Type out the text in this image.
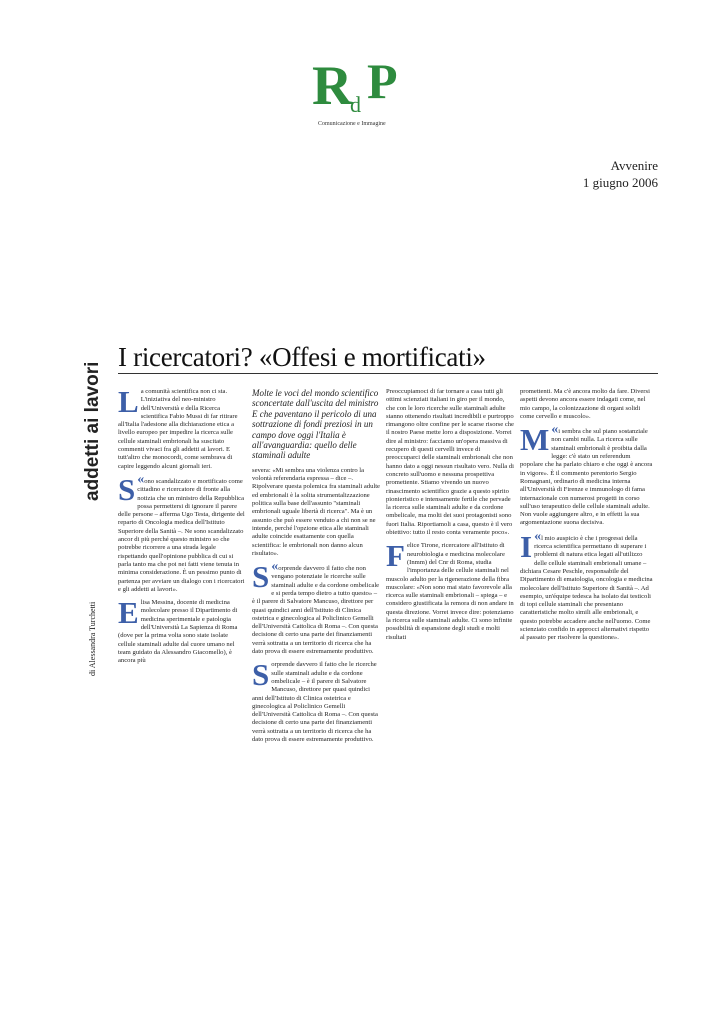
R
d P
Comunicazione e Immagine
Avvenire
1 giugno 2006
addetti ai lavori
di Alessandra Turchetti
I ricercatori? «Offesi e mortificati»

La comunità scientifica non ci sta. L'iniziativa del neo-ministro dell'Università e della Ricerca scientifica Fabio Mussi di far ritirare all'Italia l'adesione alla dichiarazione etica a livello europeo per impedire la ricerca sulle cellule staminali embrionali ha suscitato commenti vivaci fra gli addetti ai lavori. E tutt'altro che monocordi, come sembrava di capire leggendo alcuni giornali ieri.

«
S ono scandalizzato e mortificato come cittadino e ricercatore di fronte alla notizia che un ministro della Repubblica possa permettersi di ignorare il parere delle persone – afferma Ugo Testa, dirigente del reparto di Oncologia medica dell'Istituto Superiore della Sanità –. Ne sono scandalizzato ancor di più perché questo ministro so che potrebbe ricorrere a una strada legale rispettando quell'opinione pubblica di cui si parla tanto ma che poi nei fatti viene tenuta in minima considerazione. È un pessimo punto di partenza per avviare un dialogo con i ricercatori e gli addetti ai lavori».

Elisa Messina, docente di medicina molecolare presso il Dipartimento di medicina sperimentale e patologia dell'Università La Sapienza di Roma (dove per la prima volta sono state isolate cellule staminali adulte dal cuore umano nel team guidato da Alessandro Giacomello), è ancora più

Molte le voci del mondo scientifico sconcertate dall'uscita del ministro E che paventano il pericolo di una sottrazione di fondi preziosi in un campo dove oggi l'Italia è all'avanguardia: quello delle staminali adulte

severa: «Mi sembra una violenza contro la volontà referendaria espressa – dice –. Ripolverare questa polemica fra staminali adulte ed embrionali è la solita strumentalizzazione politica sulla base dell'assunto "staminali embrionali uguale libertà di ricerca". Ma è un assunto che può essere venduto a chi non se ne intende, perché l'opzione etica alle staminali adulte coincide esattamente con quella scientifica: le embrionali non danno alcun risultato».

«
S orprende davvero il fatto che non vengano potenziate le ricerche sulle staminali adulte e da cordone ombelicale e si perda tempo dietro a tutto questo» – è il parere di Salvatore Mancuso, direttore per quasi quindici anni dell'Istituto di Clinica ostetrica e ginecologica al Policlinico Gemelli dell'Università Cattolica di Roma –. Con questa decisione di certo una parte dei finanziamenti verrà sottratta a un territorio di ricerca che ha dato prova di essere estremamente produttivo.

Sorprende davvero il fatto che le ricerche sulle staminali adulte e da cordone ombelicale – è il parere di Salvatore Mancuso, direttore per quasi quindici anni dell'Istituto di Clinica ostetrica e ginecologica al Policlinico Gemelli dell'Università Cattolica di Roma –. Con questa decisione di certo una parte dei finanziamenti verrà sottratta a un territorio di ricerca che ha dato prova di essere estremamente produttivo.

Preoccupiamoci di far tornare a casa tutti gli ottimi scienziati italiani in giro per il mondo, che con le loro ricerche sulle staminali adulte stanno ottenendo risultati incredibili e purtroppo rimangono oltre confine per le scarse risorse che il nostro Paese mette loro a disposizione. Vorrei dire al ministro: facciamo un'opera massiva di recupero di questi cervelli invece di preoccuparci delle staminali embrionali che non hanno dato a oggi nessun risultato vero. Nulla di concreto sull'uomo e nessuna prospettiva promettente. Stiamo vivendo un nuovo rinascimento scientifico grazie a questo spirito pionieristico e intensamente fertile che pervade la ricerca sulle staminali adulte e da cordone ombelicale, ma molti dei suoi protagonisti sono fuori Italia. Riportiamoli a casa, questo è il vero obiettivo: tutto il resto conta veramente poco».

Felice Tirone, ricercatore all'Istituto di neurobiologia e medicina molecolare (Inmm) del Cnr di Roma, studia l'importanza delle cellule staminali nel muscolo adulto per la rigenerazione della fibra muscolare: «Non sono mai stato favorevole alla ricerca sulle staminali embrionali – spiega – e considero giustificata la remora di non andare in questa direzione. Vorrei invece dire: potenziamo la ricerca sulle staminali adulte. Ci sono infinite possibilità di espansione degli studi e molti risultati

promettenti. Ma c'è ancora molto da fare. Diversi aspetti devono ancora essere indagati come, nel mio campo, la colonizzazione di organi solidi come cervello e muscolo».

«
M i sembra che sul piano sostanziale non cambi nulla. La ricerca sulle staminali embrionali è proibita dalla legge: c'è stato un referendum popolare che ha parlato chiaro e che oggi è ancora in vigore». È il commento perentorio Sergio Romagnani, ordinario di medicina interna all'Università di Firenze e immunologo di fama internazionale con numerosi progetti in corso sull'uso terapeutico delle cellule staminali adulte. Non vuole aggiungere altro, e in effetti la sua argomentazione suona decisiva.

«
I l mio auspicio è che i progressi della ricerca scientifica permettano di superare i problemi di natura etica legati all'utilizzo delle cellule staminali embrionali umane – dichiara Cesare Peschle, responsabile del Dipartimento di ematologia, oncologia e medicina molecolare dell'Istituto Superiore di Sanità –. Ad esempio, un'équipe tedesca ha isolato dai testicoli di topi cellule staminali che presentano caratteristiche molto simili alle embrionali, e questo potrebbe accadere anche nell'uomo. Come scienziato confido in approcci alternativi rispetto al passato per risolvere la questione».
